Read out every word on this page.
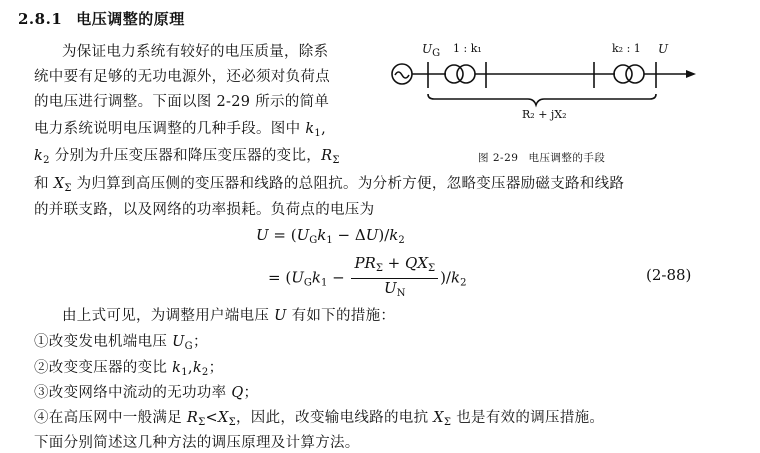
2.8.1 电压调整的原理
为保证电力系统有较好的电压质量，除系
统中要有足够的无功电源外，还必须对负荷点
的电压进行调整。下面以图 2-29 所示的简单
电力系统说明电压调整的几种手段。图中 $k_1$,
$k_2$ 分别为升压变压器和降压变压器的变比，$R_\Sigma$
和 $X_\Sigma$ 为归算到高压侧的变压器和线路的总阻抗。为分析方便，忽略变压器励磁支路和线路
的并联支路，以及网络的功率损耗。负荷点的电压为
$U_G$ 1 : k₁	k₂ : 1 U
R₂ + jX₂
图 2-29 电压调整的手段
$U = (U_Gk_1 - \Delta U)/k_2$
= $(U_Gk_1 - \frac{PR_\Sigma + QX_\Sigma}{U_N} )/k_2$	(2-88)
由上式可见，为调整用户端电压 U 有如下的措施：
①改变发电机端电压 $U_G$；
②改变变压器的变比 $k_1,k_2$；
③改变网络中流动的无功功率 Q；
④在高压网中一般满足 $R_\Sigma<X_\Sigma$，因此，改变输电线路的电抗 $X_\Sigma$ 也是有效的调压措施。
下面分别简述这几种方法的调压原理及计算方法。
